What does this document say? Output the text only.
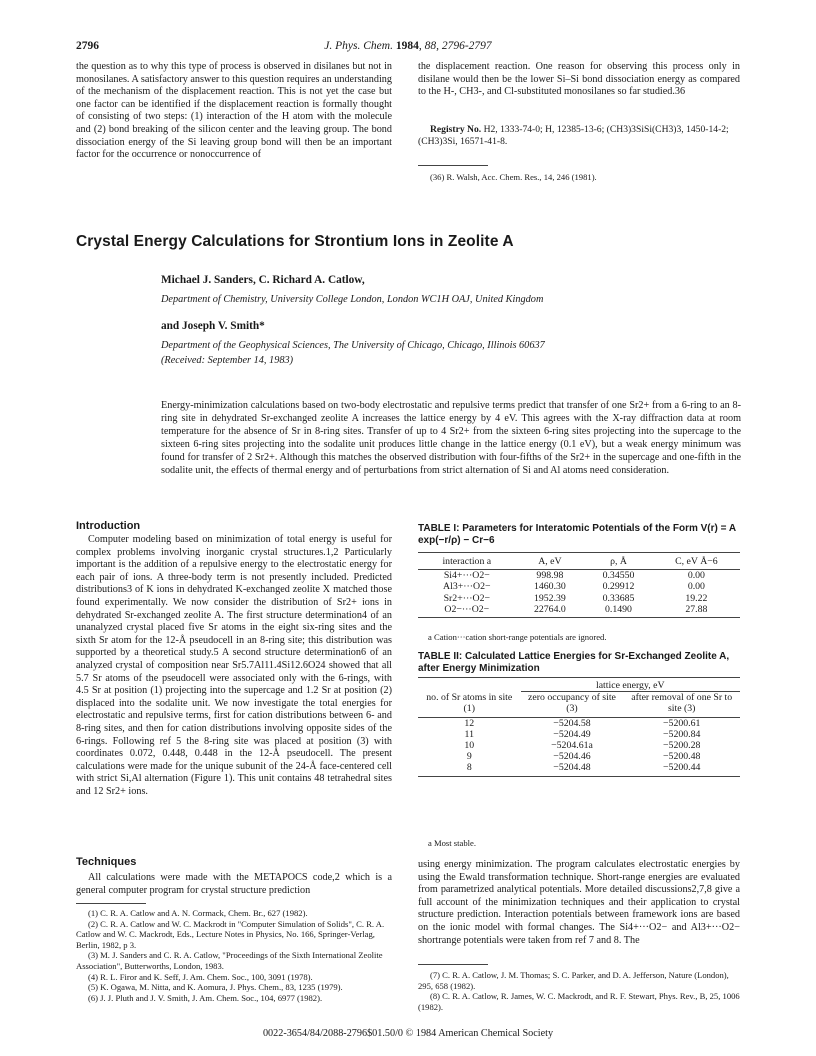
2796	J. Phys. Chem. 1984, 88, 2796-2797
the question as to why this type of process is observed in disilanes but not in monosilanes. A satisfactory answer to this question requires an understanding of the mechanism of the displacement reaction. This is not yet the case but one factor can be identified if the displacement reaction is formally thought of consisting of two steps: (1) interaction of the H atom with the molecule and (2) bond breaking of the silicon center and the leaving group. The bond dissociation energy of the Si leaving group bond will then be an important factor for the occurrence or nonoccurrence of
the displacement reaction. One reason for observing this process only in disilane would then be the lower Si–Si bond dissociation energy as compared to the H-, CH3-, and Cl-substituted monosilanes so far studied.36
Registry No. H2, 1333-74-0; H, 12385-13-6; (CH3)3SiSi(CH3)3, 1450-14-2; (CH3)3Si, 16571-41-8.
(36) R. Walsh, Acc. Chem. Res., 14, 246 (1981).
Crystal Energy Calculations for Strontium Ions in Zeolite A
Michael J. Sanders, C. Richard A. Catlow,
Department of Chemistry, University College London, London WC1H OAJ, United Kingdom
and Joseph V. Smith*
Department of the Geophysical Sciences, The University of Chicago, Chicago, Illinois 60637
(Received: September 14, 1983)
Energy-minimization calculations based on two-body electrostatic and repulsive terms predict that transfer of one Sr2+ from a 6-ring to an 8-ring site in dehydrated Sr-exchanged zeolite A increases the lattice energy by 4 eV. This agrees with the X-ray diffraction data at room temperature for the absence of Sr in 8-ring sites. Transfer of up to 4 Sr2+ from the sixteen 6-ring sites projecting into the supercage to the sixteen 6-ring sites projecting into the sodalite unit produces little change in the lattice energy (0.1 eV), but a weak energy minimum was found for transfer of 2 Sr2+. Although this matches the observed distribution with four-fifths of the Sr2+ in the supercage and one-fifth in the sodalite unit, the effects of thermal energy and of perturbations from strict alternation of Si and Al atoms need consideration.
Introduction
Computer modeling based on minimization of total energy is useful for complex problems involving inorganic crystal structures.1,2 Particularly important is the addition of a repulsive energy to the electrostatic energy for each pair of ions. A three-body term is not presently included. Predicted distributions3 of K ions in dehydrated K-exchanged zeolite X matched those found experimentally. We now consider the distribution of Sr2+ ions in dehydrated Sr-exchanged zeolite A. The first structure determination4 of an unanalyzed crystal placed five Sr atoms in the eight six-ring sites and the sixth Sr atom for the 12-Å pseudocell in an 8-ring site; this distribution was supported by a theoretical study.5 A second structure determination6 of an analyzed crystal of composition near Sr5.7Al11.4Si12.6O24 showed that all 5.7 Sr atoms of the pseudocell were associated only with the 6-rings, with 4.5 Sr at position (1) projecting into the supercage and 1.2 Sr at position (2) displaced into the sodalite unit. We now investigate the total energies for electrostatic and repulsive terms, first for cation distributions between 6- and 8-ring sites, and then for cation distributions involving opposite sides of the 6-rings. Following ref 5 the 8-ring site was placed at position (3) with coordinates 0.072, 0.448, 0.448 in the 12-Å pseudocell. The present calculations were made for the unique subunit of the 24-Å face-centered cell with strict Si,Al alternation (Figure 1). This unit contains 48 tetrahedral sites and 12 Sr2+ ions.
Techniques
All calculations were made with the METAPOCS code,2 which is a general computer program for crystal structure prediction

(1) C. R. A. Catlow and A. N. Cormack, Chem. Br., 627 (1982).

(2) C. R. A. Catlow and W. C. Mackrodt in "Computer Simulation of Solids", C. R. A. Catlow and W. C. Mackrodt, Eds., Lecture Notes in Physics, No. 166, Springer-Verlag, Berlin, 1982, p 3.

(3) M. J. Sanders and C. R. A. Catlow, "Proceedings of the Sixth International Zeolite Association", Butterworths, London, 1983.

(4) R. L. Firor and K. Seff, J. Am. Chem. Soc., 100, 3091 (1978).

(5) K. Ogawa, M. Nitta, and K. Aomura, J. Phys. Chem., 83, 1235 (1979).

(6) J. J. Pluth and J. V. Smith, J. Am. Chem. Soc., 104, 6977 (1982).

TABLE I: Parameters for Interatomic Potentials of the Form V(r) = A exp(−r/ρ) − Cr−6
interaction a	A, eV	ρ, Å	C, eV Å−6

Si4+···O2−	998.98	0.34550	0.00
Al3+···O2−	1460.30	0.29912	0.00
Sr2+···O2−	1952.39	0.33685	19.22
O2−···O2−	22764.0	0.1490	27.88

a Cation···cation short-range potentials are ignored.
TABLE II: Calculated Lattice Energies for Sr-Exchanged Zeolite A, after Energy Minimization
	lattice energy, eV	
no. of Sr atoms in site (1)	zero occupancy of site (3)	after removal of one Sr to site (3)

12	−5204.58	−5200.61
11	−5204.49	−5200.84
10	−5204.61a	−5200.28
9	−5204.46	−5200.48
8	−5204.48	−5200.44

a Most stable.
using energy minimization. The program calculates electrostatic energies by using the Ewald transformation technique. Short-range energies are evaluated from parametrized analytical potentials. More detailed discussions2,7,8 give a full account of the minimization techniques and their application to crystal structure prediction. Interaction potentials between framework ions are based on the ionic model with formal changes. The Si4+···O2− and Al3+···O2− shortrange potentials were taken from ref 7 and 8. The

(7) C. R. A. Catlow, J. M. Thomas; S. C. Parker, and D. A. Jefferson, Nature (London), 295, 658 (1982).

(8) C. R. A. Catlow, R. James, W. C. Mackrodt, and R. F. Stewart, Phys. Rev., B, 25, 1006 (1982).

0022-3654/84/2088-2796$01.50/0 © 1984 American Chemical Society
